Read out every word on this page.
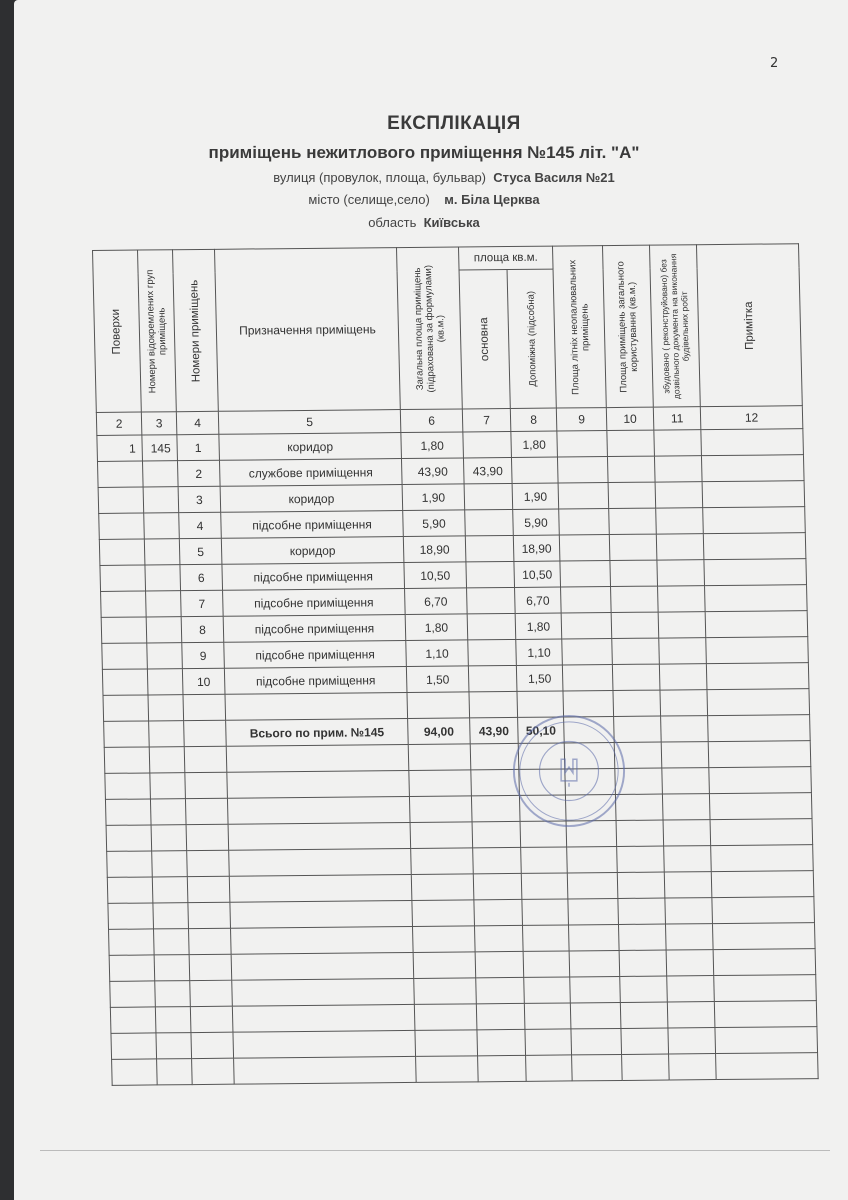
2
ЕКСПЛІКАЦІЯ
приміщень нежитлового приміщення №145 літ. "А"
вулиця (провулок, площа, бульвар) Стуса Василя №21
місто (селище,село) м. Біла Церква
область Київська
Поверхи	Номери відокремлених груп приміщень	Номери приміщень	Призначення приміщень	Загальна площа приміщень (підрахована за формулами) (кв.м.)	площа кв.м.		Площа літніх неопалювальних приміщень	Площа приміщень загального користування (кв.м.)	збудовано ( реконструйовано) без дозвільного документа на виконання будівельних робіт	Примітка

					основна	Допоміжна (підсобна)				

2	3	4	5	6	7	8	9	10	11	12
1	145	1	коридор	1,80		1,80				
		2	службове приміщення	43,90	43,90					
		3	коридор	1,90		1,90				
		4	підсобне приміщення	5,90		5,90				
		5	коридор	18,90		18,90				
		6	підсобне приміщення	10,50		10,50				
		7	підсобне приміщення	6,70		6,70				
		8	підсобне приміщення	1,80		1,80				
		9	підсобне приміщення	1,10		1,10				
		10	підсобне приміщення	1,50		1,50				

			Всього по прим. №145	94,00	43,90	50,10				
